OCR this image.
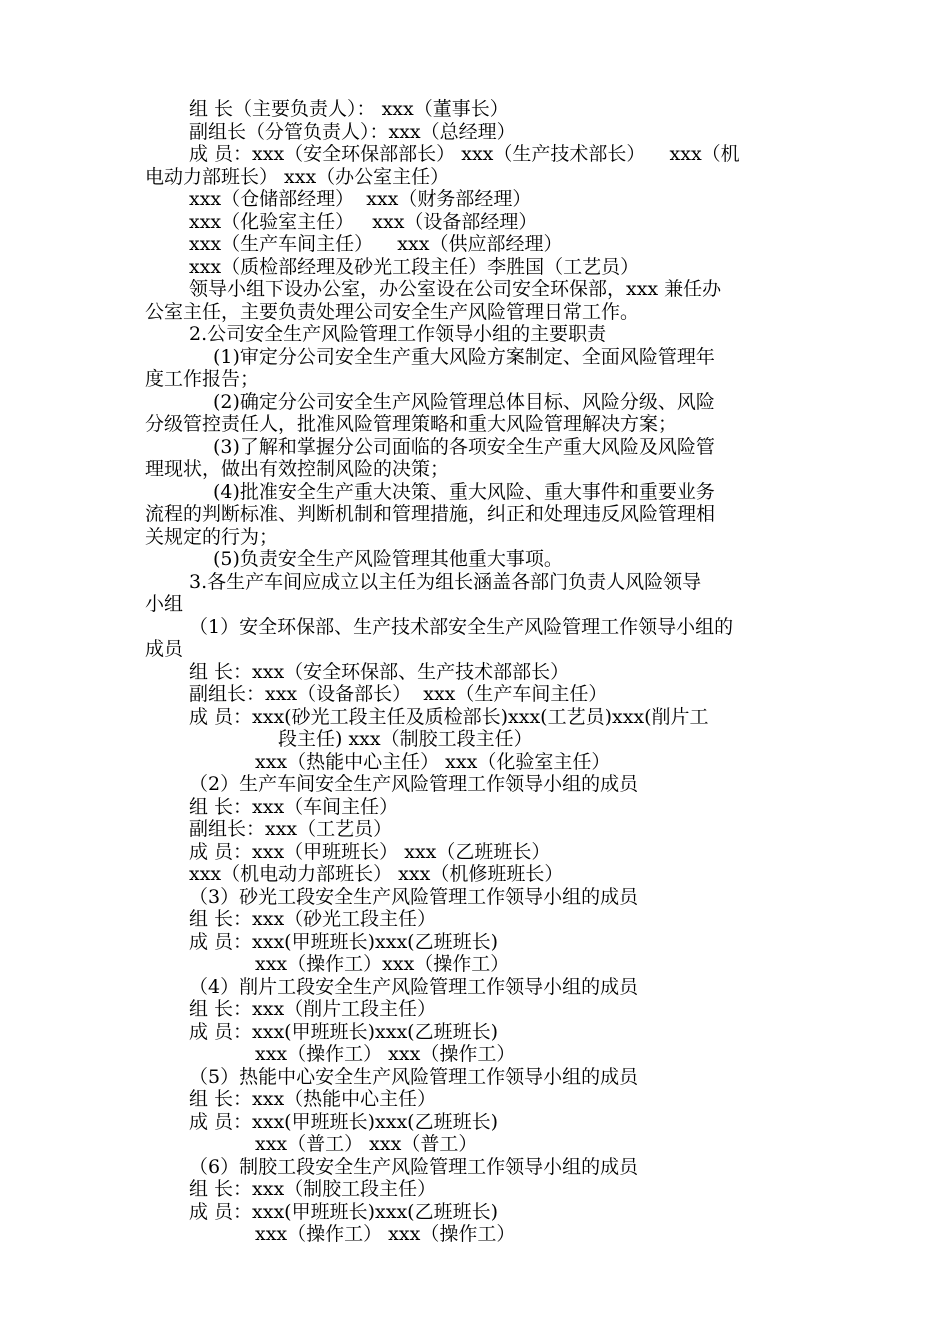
组 长（主要负责人）： xxx（董事长）
副组长（分管负责人）：xxx（总经理）
成 员：xxx（安全环保部部长） xxx（生产技术部长）    xxx（机
电动力部班长） xxx（办公室主任）
xxx（仓储部经理）  xxx（财务部经理）
xxx（化验室主任）   xxx（设备部经理）
xxx（生产车间主任）    xxx（供应部经理）
xxx（质检部经理及砂光工段主任）李胜国（工艺员）
领导小组下设办公室，办公室设在公司安全环保部，xxx 兼任办
公室主任，主要负责处理公司安全生产风险管理日常工作。
2.公司安全生产风险管理工作领导小组的主要职责
(1)审定分公司安全生产重大风险方案制定、全面风险管理年
度工作报告；
(2)确定分公司安全生产风险管理总体目标、风险分级、风险
分级管控责任人，批准风险管理策略和重大风险管理解决方案；
(3)了解和掌握分公司面临的各项安全生产重大风险及风险管
理现状，做出有效控制风险的决策；
(4)批准安全生产重大决策、重大风险、重大事件和重要业务
流程的判断标准、判断机制和管理措施，纠正和处理违反风险管理相
关规定的行为；
(5)负责安全生产风险管理其他重大事项。
3.各生产车间应成立以主任为组长涵盖各部门负责人风险领导
小组
（1）安全环保部、生产技术部安全生产风险管理工作领导小组的
成员
组 长：xxx（安全环保部、生产技术部部长）
副组长：xxx（设备部长）  xxx（生产车间主任）
成 员：xxx(砂光工段主任及质检部长)xxx(工艺员)xxx(削片工
段主任) xxx（制胶工段主任）
xxx（热能中心主任） xxx（化验室主任）
（2）生产车间安全生产风险管理工作领导小组的成员
组 长：xxx（车间主任）
副组长：xxx（工艺员）
成 员：xxx（甲班班长） xxx（乙班班长）
xxx（机电动力部班长） xxx（机修班班长）
（3）砂光工段安全生产风险管理工作领导小组的成员
组 长：xxx（砂光工段主任）
成 员：xxx(甲班班长)xxx(乙班班长)
xxx（操作工）xxx（操作工）
（4）削片工段安全生产风险管理工作领导小组的成员
组 长：xxx（削片工段主任）
成 员：xxx(甲班班长)xxx(乙班班长)
xxx（操作工） xxx（操作工）
（5）热能中心安全生产风险管理工作领导小组的成员
组 长：xxx（热能中心主任）
成 员：xxx(甲班班长)xxx(乙班班长)
xxx（普工） xxx（普工）
（6）制胶工段安全生产风险管理工作领导小组的成员
组 长：xxx（制胶工段主任）
成 员：xxx(甲班班长)xxx(乙班班长)
xxx（操作工） xxx（操作工）
